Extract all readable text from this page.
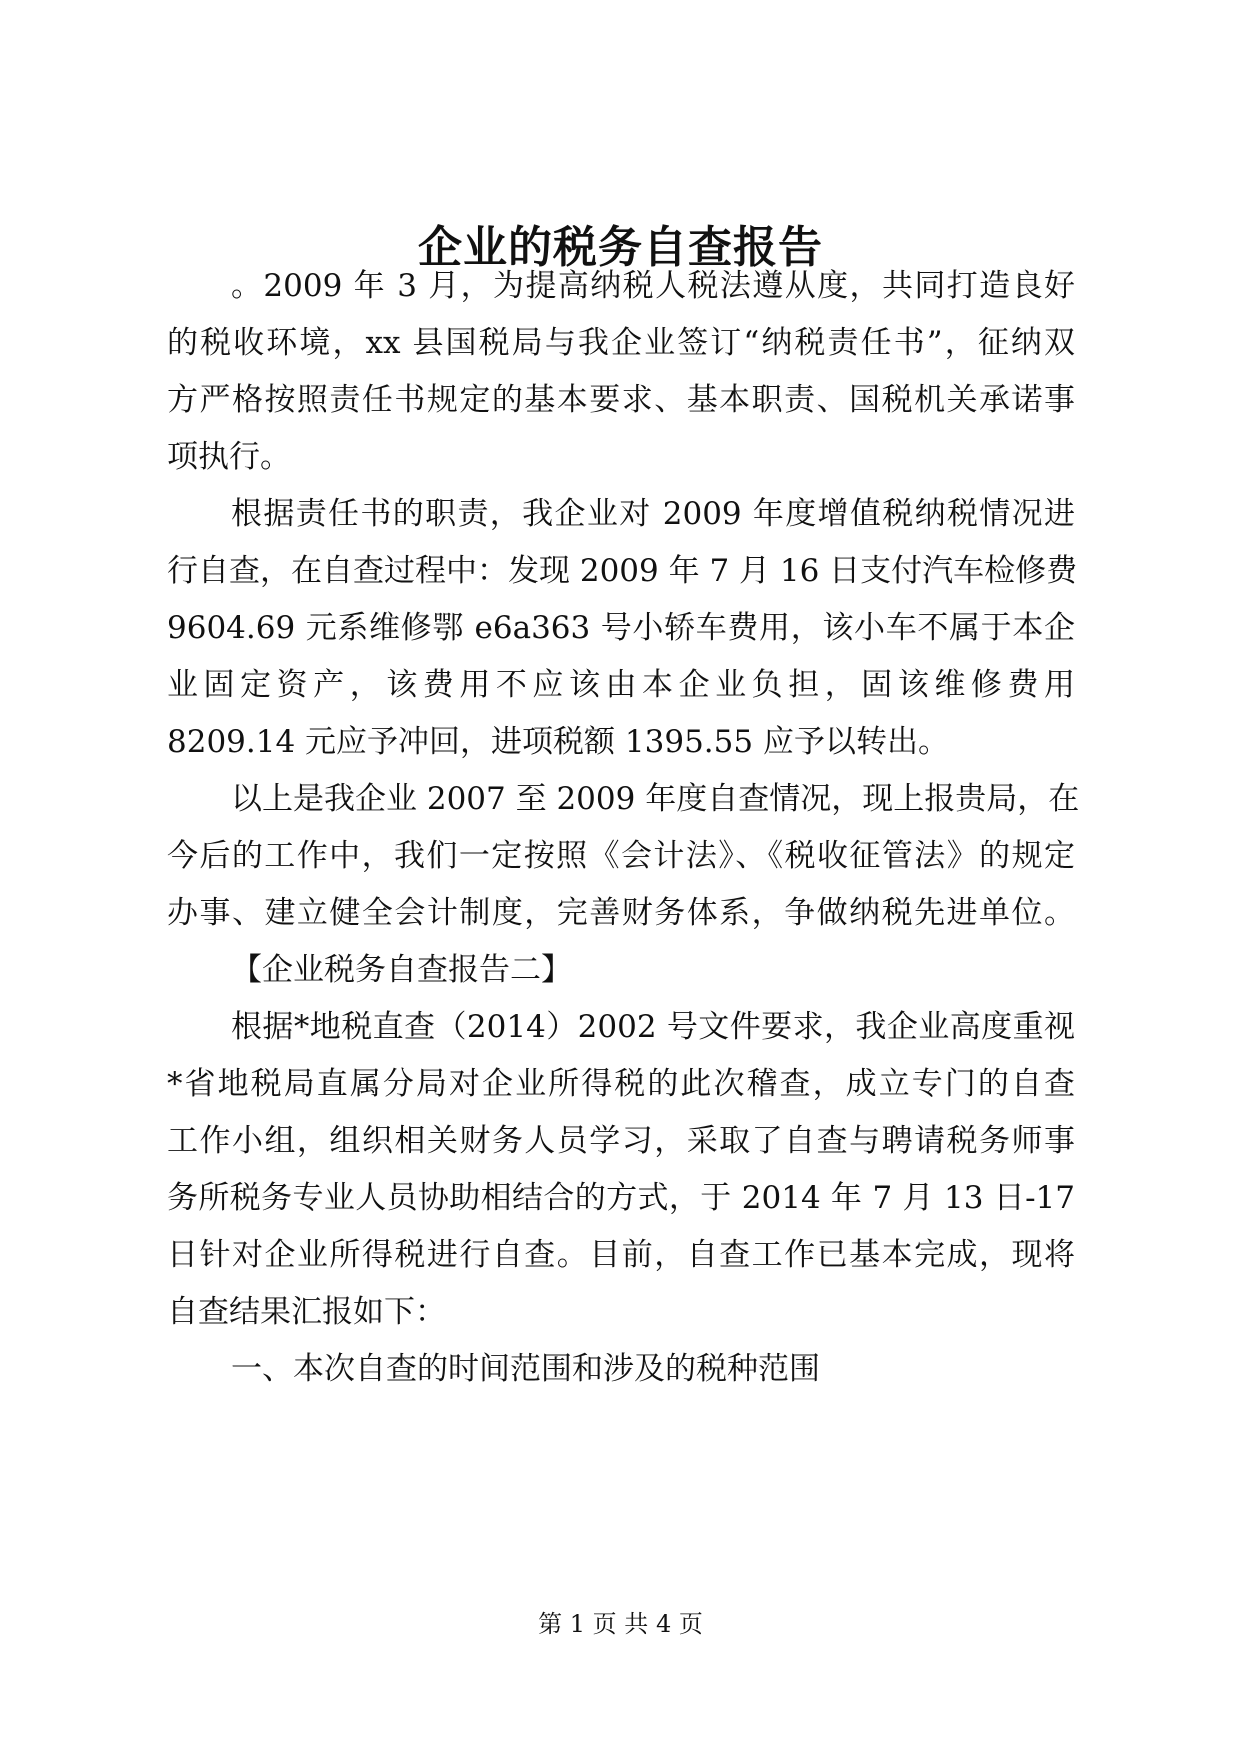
企业的税务自查报告
。2009 年 3 月，为提高纳税人税法遵从度，共同打造良好
的税收环境，xx 县国税局与我企业签订“纳税责任书”，征纳双
方严格按照责任书规定的基本要求、基本职责、国税机关承诺事
项执行。
根据责任书的职责，我企业对 2009 年度增值税纳税情况进
行自查，在自查过程中：发现 2009 年 7 月 16 日支付汽车检修费
9604.69 元系维修鄂 e6a363 号小轿车费用，该小车不属于本企
业固定资产，该费用不应该由本企业负担，固该维修费用
8209.14 元应予冲回，进项税额 1395.55 应予以转出。
以上是我企业 2007 至 2009 年度自查情况，现上报贵局，在
今后的工作中，我们一定按照《会计法》、《税收征管法》的规定
办事、建立健全会计制度，完善财务体系，争做纳税先进单位。
【企业税务自查报告二】
根据*地税直查（2014）2002 号文件要求，我企业高度重视
*省地税局直属分局对企业所得税的此次稽查，成立专门的自查
工作小组，组织相关财务人员学习，采取了自查与聘请税务师事
务所税务专业人员协助相结合的方式，于 2014 年 7 月 13 日-17
日针对企业所得税进行自查。目前，自查工作已基本完成，现将
自查结果汇报如下：
一、本次自查的时间范围和涉及的税种范围
第 1 页 共 4 页
